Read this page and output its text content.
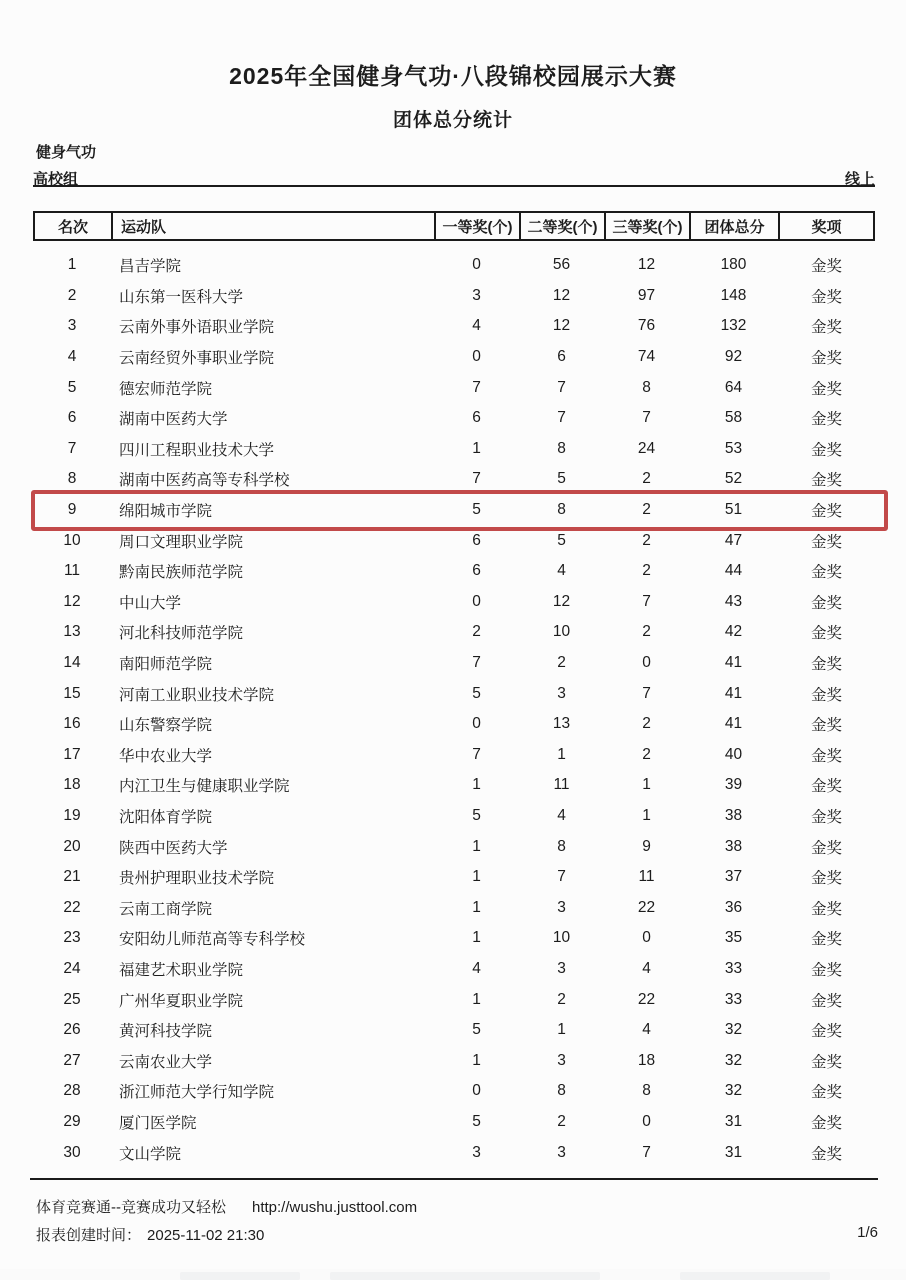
2025年全国健身气功·八段锦校园展示大赛
团体总分统计
健身气功
高校组	线上
名次	运动队	一等奖(个)	二等奖(个)	三等奖(个)	团体总分	奖项
1	昌吉学院	0	56	12	180	金奖
2	山东第一医科大学	3	12	97	148	金奖
3	云南外事外语职业学院	4	12	76	132	金奖
4	云南经贸外事职业学院	0	6	74	92	金奖
5	德宏师范学院	7	7	8	64	金奖
6	湖南中医药大学	6	7	7	58	金奖
7	四川工程职业技术大学	1	8	24	53	金奖
8	湖南中医药高等专科学校	7	5	2	52	金奖
9	绵阳城市学院	5	8	2	51	金奖
10	周口文理职业学院	6	5	2	47	金奖
11	黔南民族师范学院	6	4	2	44	金奖
12	中山大学	0	12	7	43	金奖
13	河北科技师范学院	2	10	2	42	金奖
14	南阳师范学院	7	2	0	41	金奖
15	河南工业职业技术学院	5	3	7	41	金奖
16	山东警察学院	0	13	2	41	金奖
17	华中农业大学	7	1	2	40	金奖
18	内江卫生与健康职业学院	1	11	1	39	金奖
19	沈阳体育学院	5	4	1	38	金奖
20	陕西中医药大学	1	8	9	38	金奖
21	贵州护理职业技术学院	1	7	11	37	金奖
22	云南工商学院	1	3	22	36	金奖
23	安阳幼儿师范高等专科学校	1	10	0	35	金奖
24	福建艺术职业学院	4	3	4	33	金奖
25	广州华夏职业学院	1	2	22	33	金奖
26	黄河科技学院	5	1	4	32	金奖
27	云南农业大学	1	3	18	32	金奖
28	浙江师范大学行知学院	0	8	8	32	金奖
29	厦门医学院	5	2	0	31	金奖
30	文山学院	3	3	7	31	金奖
体育竞赛通--竞赛成功又轻松 http://wushu.justtool.com
报表创建时间： 2025-11-02 21:30	1/6
